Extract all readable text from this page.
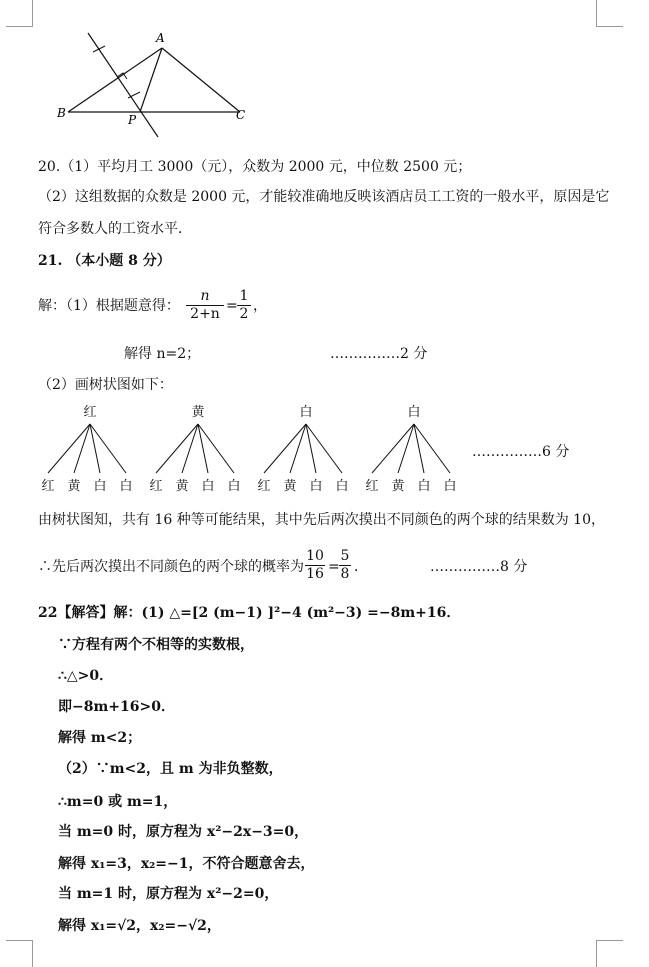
A
B	C
P
20.（1）平均月工 3000（元），众数为 2000 元，中位数 2500 元；
（2）这组数据的众数是 2000 元，才能较准确地反映该酒店员工工资的一般水平，原因是它
符合多数人的工资水平．
21. （本小题 8 分）
解：（1）根据题意得：
n
2+n =
1
2 ，
解得 n=2；	……………2 分
（2）画树状图如下：
红	黄	白	白
红 黄 白 白 红 黄 白 白 红 黄 白 白 红 黄 白 白
……………6 分
由树状图知，共有 16 种等可能结果，其中先后两次摸出不同颜色的两个球的结果数为 10，
∴先后两次摸出不同颜色的两个球的概率为
10
16 =
5
8 ．	……………8 分
22【解答】解：(1) △=[2 (m−1) ]²−4 (m²−3) =−8m+16．
∵方程有两个不相等的实数根，
∴△>0．
即−8m+16>0．
解得 m<2；
（2）∵m<2，且 m 为非负整数，
∴m=0 或 m=1，
当 m=0 时，原方程为 x²−2x−3=0，
解得 x₁=3，x₂=−1，不符合题意舍去，
当 m=1 时，原方程为 x²−2=0，
解得 x₁=√2，x₂=−√2，
